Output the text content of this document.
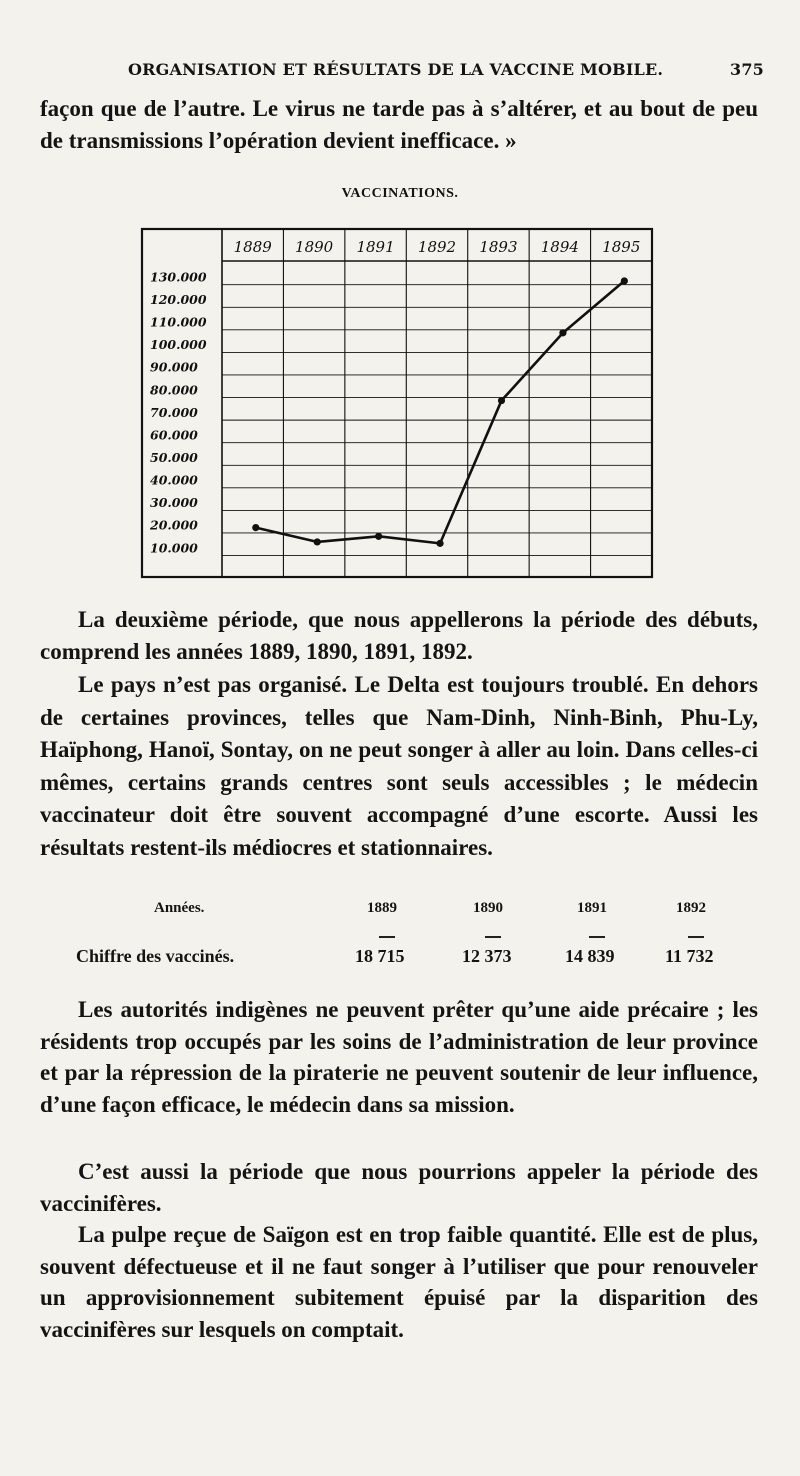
ORGANISATION ET RÉSULTATS DE LA VACCINE MOBILE.	375
façon que de l’autre. Le virus ne tarde pas à s’altérer, et au bout de peu de transmissions l’opération devient inefficace. »
VACCINATIONS.
130.000
120.000
110.000
100.000
90.000
80.000
70.000
60.000
50.000
40.000
30.000
20.000
10.000
1889 1890 1891 1892 1893 1894 1895
La deuxième période, que nous appellerons la période des débuts, comprend les années 1889, 1890, 1891, 1892.
Le pays n’est pas organisé. Le Delta est toujours troublé. En dehors de certaines provinces, telles que Nam-Dinh, Ninh-Binh, Phu-Ly, Haïphong, Hanoï, Sontay, on ne peut songer à aller au loin. Dans celles-ci mêmes, certains grands centres sont seuls accessibles ; le médecin vaccinateur doit être souvent accompagné d’une escorte. Aussi les résultats restent-ils médiocres et stationnaires.
Années.	1889	1890	1891	1892
Chiffre des vaccinés.	18 715	12 373	14 839	11 732
Les autorités indigènes ne peuvent prêter qu’une aide précaire ; les résidents trop occupés par les soins de l’administration de leur province et par la répression de la piraterie ne peuvent soutenir de leur influence, d’une façon efficace, le médecin dans sa mission.
C’est aussi la période que nous pourrions appeler la période des vaccinifères.
La pulpe reçue de Saïgon est en trop faible quantité. Elle est de plus, souvent défectueuse et il ne faut songer à l’utiliser que pour renouveler un approvisionnement subitement épuisé par la disparition des vaccinifères sur lesquels on comptait.
